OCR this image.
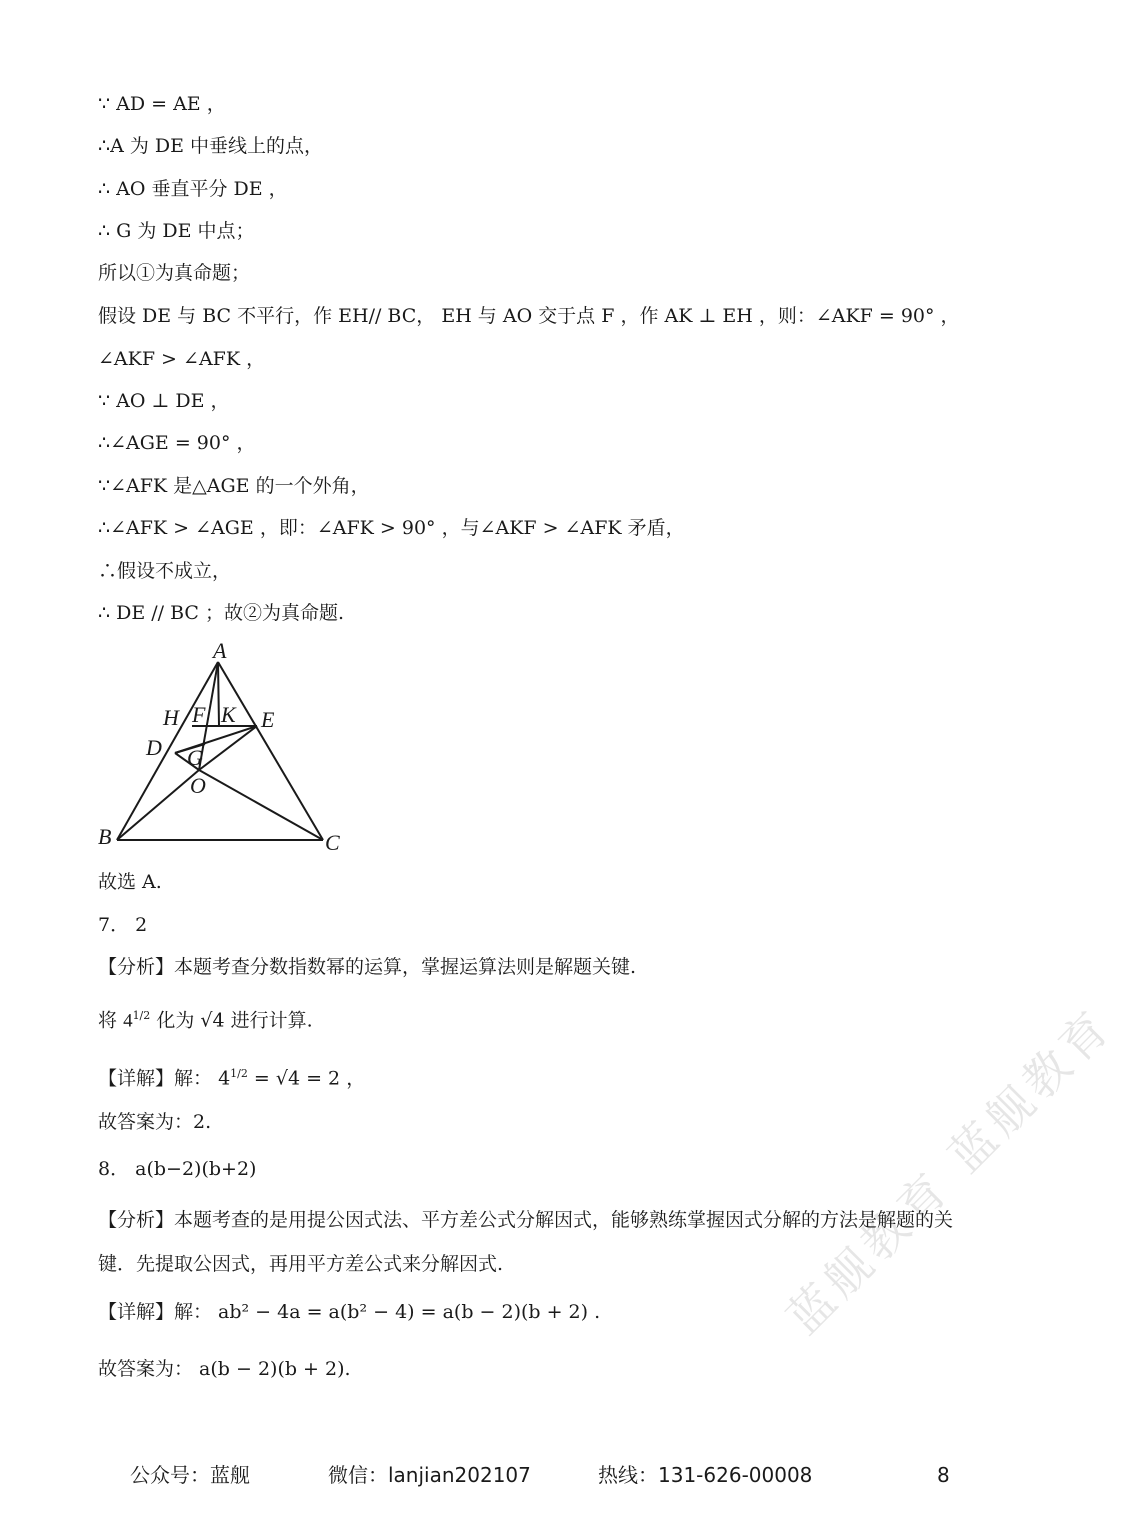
蓝舰教育 蓝舰教育
∵ AD = AE ，
∴A 为 DE 中垂线上的点，
∴ AO 垂直平分 DE ，
∴ G 为 DE 中点；
所以①为真命题；
假设 DE 与 BC 不平行，作 EH// BC， EH 与 AO 交于点 F ，作 AK ⊥ EH ，则：∠AKF = 90° ，
∠AKF > ∠AFK ，
∵ AO ⊥ DE ，
∴∠AGE = 90° ，
∵∠AFK 是△AGE 的一个外角，
∴∠AFK > ∠AGE ，即：∠AFK > 90° ，与∠AKF > ∠AFK 矛盾，
∴假设不成立，
∴ DE // BC ；故②为真命题.
A
H F K E
D G
O
B	C
故选 A.
7． 2
【分析】本题考查分数指数幂的运算，掌握运算法则是解题关键.
将 $4^{1/2}$ 化为 √4 进行计算.
【详解】解： $4^{1/2} = √4 = 2$ ，
故答案为：2.
8． a(b−2)(b+2)
【分析】本题考查的是用提公因式法、平方差公式分解因式，能够熟练掌握因式分解的方法是解题的关
键．先提取公因式，再用平方差公式来分解因式.
【详解】解： ab² − 4a = a(b² − 4) = a(b − 2)(b + 2) .
故答案为： a(b − 2)(b + 2).
公众号：蓝舰	微信：lanjian202107	热线：131-626-00008	8
